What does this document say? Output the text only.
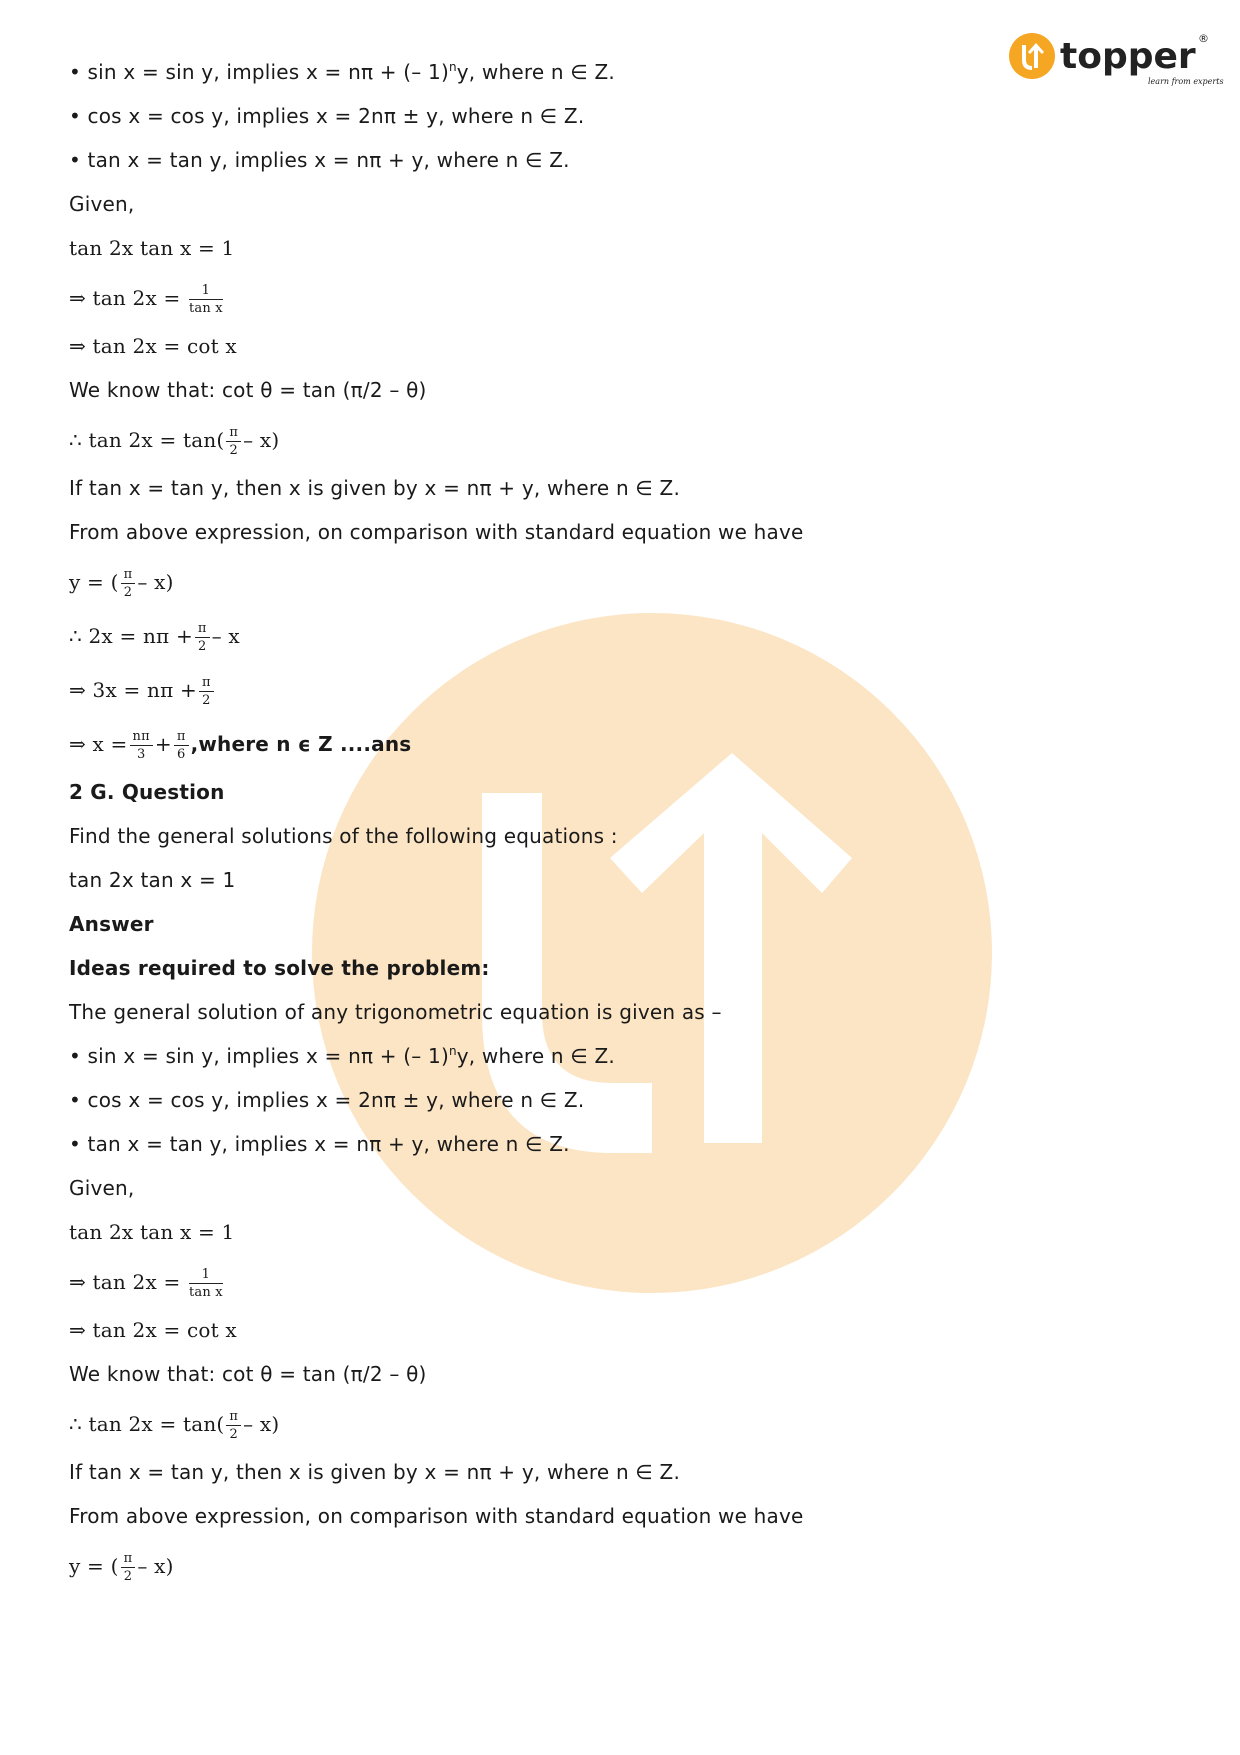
topper ®
learn from experts
• sin x = sin y, implies x = nπ + (– 1)$^n$y, where n ∈ Z.
• cos x = cos y, implies x = 2nπ ± y, where n ∈ Z.
• tan x = tan y, implies x = nπ + y, where n ∈ Z.
Given,
tan 2x tan x = 1
⇒ $\tan 2x = \frac{1}{\text{tan x}}$
⇒ tan 2x = cot x
We know that: cot θ = tan (π/2 – θ)
∴ $\tan 2x = \tan( \frac{\pi}{2} - x)$
If tan x = tan y, then x is given by x = nπ + y, where n ∈ Z.
From above expression, on comparison with standard equation we have
y = ( $\frac{\pi}{2} - x$)
∴ $2x = n\pi + \frac{\pi}{2} - x$
⇒ $3x = n\pi + \frac{\pi}{2}$
⇒ $x = \frac{n\pi}{3} + \frac{\pi}{6}$ ,where n ϵ Z ....ans
2 G. Question
Find the general solutions of the following equations :
tan 2x tan x = 1
Answer
Ideas required to solve the problem:
The general solution of any trigonometric equation is given as –
• sin x = sin y, implies x = nπ + (– 1)$^n$y, where n ∈ Z.
• cos x = cos y, implies x = 2nπ ± y, where n ∈ Z.
• tan x = tan y, implies x = nπ + y, where n ∈ Z.
Given,
tan 2x tan x = 1
⇒ $\tan 2x = \frac{1}{\text{tan x}}$
⇒ tan 2x = cot x
We know that: cot θ = tan (π/2 – θ)
∴ $\tan 2x = \tan( \frac{\pi}{2} - x)$
If tan x = tan y, then x is given by x = nπ + y, where n ∈ Z.
From above expression, on comparison with standard equation we have
y = ( $\frac{\pi}{2} - x$)
